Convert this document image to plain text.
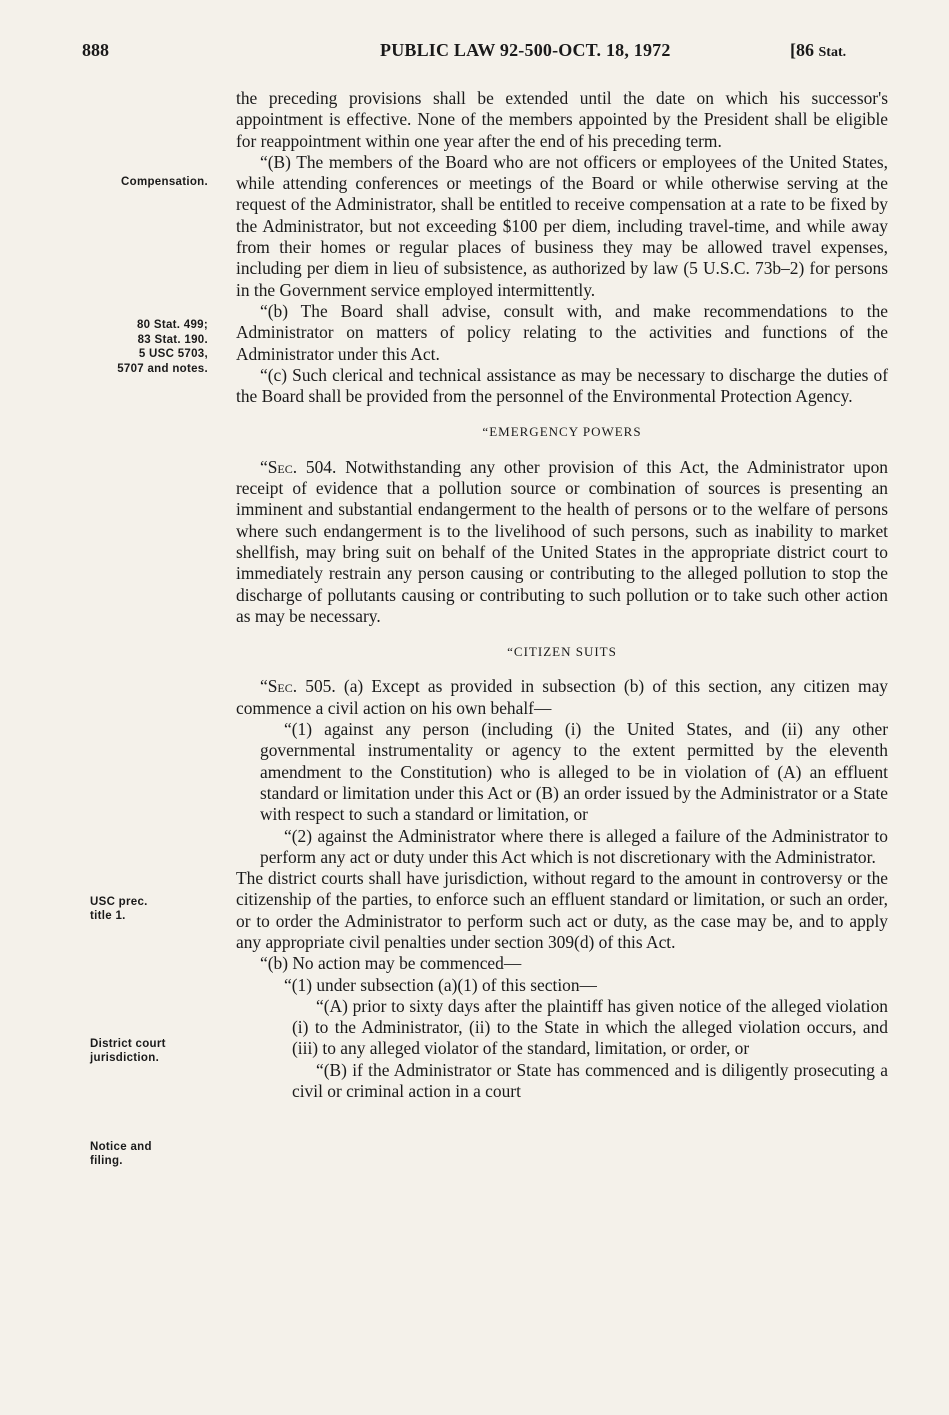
888	PUBLIC LAW 92-500-OCT. 18, 1972	[86 Stat.
Compensation.
80 Stat. 499;
83 Stat. 190.
5 USC 5703,
5707 and notes.
USC prec.
title 1.
District court
jurisdiction.
Notice and
filing.

the preceding provisions shall be extended until the date on which his successor's appointment is effective. None of the members appointed by the President shall be eligible for reappointment within one year after the end of his preceding term.

“(B) The members of the Board who are not officers or employees of the United States, while attending conferences or meetings of the Board or while otherwise serving at the request of the Administrator, shall be entitled to receive compensation at a rate to be fixed by the Administrator, but not exceeding $100 per diem, including travel-time, and while away from their homes or regular places of business they may be allowed travel expenses, including per diem in lieu of subsistence, as authorized by law (5 U.S.C. 73b–2) for persons in the Government service employed intermittently.

“(b) The Board shall advise, consult with, and make recommendations to the Administrator on matters of policy relating to the activities and functions of the Administrator under this Act.

“(c) Such clerical and technical assistance as may be necessary to discharge the duties of the Board shall be provided from the personnel of the Environmental Protection Agency.

“EMERGENCY POWERS

“Sec. 504. Notwithstanding any other provision of this Act, the Administrator upon receipt of evidence that a pollution source or combination of sources is presenting an imminent and substantial endangerment to the health of persons or to the welfare of persons where such endangerment is to the livelihood of such persons, such as inability to market shellfish, may bring suit on behalf of the United States in the appropriate district court to immediately restrain any person causing or contributing to the alleged pollution to stop the discharge of pollutants causing or contributing to such pollution or to take such other action as may be necessary.

“CITIZEN SUITS

“Sec. 505. (a) Except as provided in subsection (b) of this section, any citizen may commence a civil action on his own behalf—

“(1) against any person (including (i) the United States, and (ii) any other governmental instrumentality or agency to the extent permitted by the eleventh amendment to the Constitution) who is alleged to be in violation of (A) an effluent standard or limitation under this Act or (B) an order issued by the Administrator or a State with respect to such a standard or limitation, or

“(2) against the Administrator where there is alleged a failure of the Administrator to perform any act or duty under this Act which is not discretionary with the Administrator.

The district courts shall have jurisdiction, without regard to the amount in controversy or the citizenship of the parties, to enforce such an effluent standard or limitation, or such an order, or to order the Administrator to perform such act or duty, as the case may be, and to apply any appropriate civil penalties under section 309(d) of this Act.

“(b) No action may be commenced—

“(1) under subsection (a)(1) of this section—

“(A) prior to sixty days after the plaintiff has given notice of the alleged violation (i) to the Administrator, (ii) to the State in which the alleged violation occurs, and (iii) to any alleged violator of the standard, limitation, or order, or

“(B) if the Administrator or State has commenced and is diligently prosecuting a civil or criminal action in a court
